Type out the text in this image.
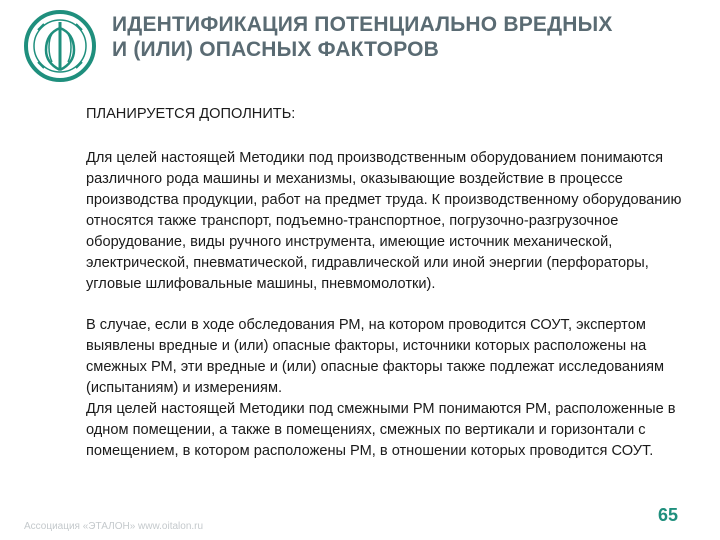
ИДЕНТИФИКАЦИЯ ПОТЕНЦИАЛЬНО ВРЕДНЫХ
И (ИЛИ) ОПАСНЫХ ФАКТОРОВ

ПЛАНИРУЕТСЯ ДОПОЛНИТЬ:

Для целей настоящей Методики под производственным оборудованием понимаются различного рода машины и механизмы, оказывающие воздействие в процессе производства продукции, работ на предмет труда. К производственному оборудованию относятся также транспорт, подъемно-транспортное, погрузочно-разгрузочное оборудование, виды ручного инструмента, имеющие источник механической, электрической, пневматической, гидравлической или иной энергии (перфораторы, угловые шлифовальные машины, пневмомолотки).

В случае, если в ходе обследования РМ, на котором проводится СОУТ, экспертом выявлены вредные и (или) опасные факторы, источники которых расположены на смежных РМ, эти вредные и (или) опасные факторы также подлежат исследованиям (испытаниям) и измерениям.

Для целей настоящей Методики под смежными РМ понимаются РМ, расположенные в одном помещении, а также в помещениях, смежных по вертикали и горизонтали с помещением, в котором расположены РМ, в отношении которых проводится СОУТ.

Ассоциация «ЭТАЛОН» www.oitalon.ru
65
